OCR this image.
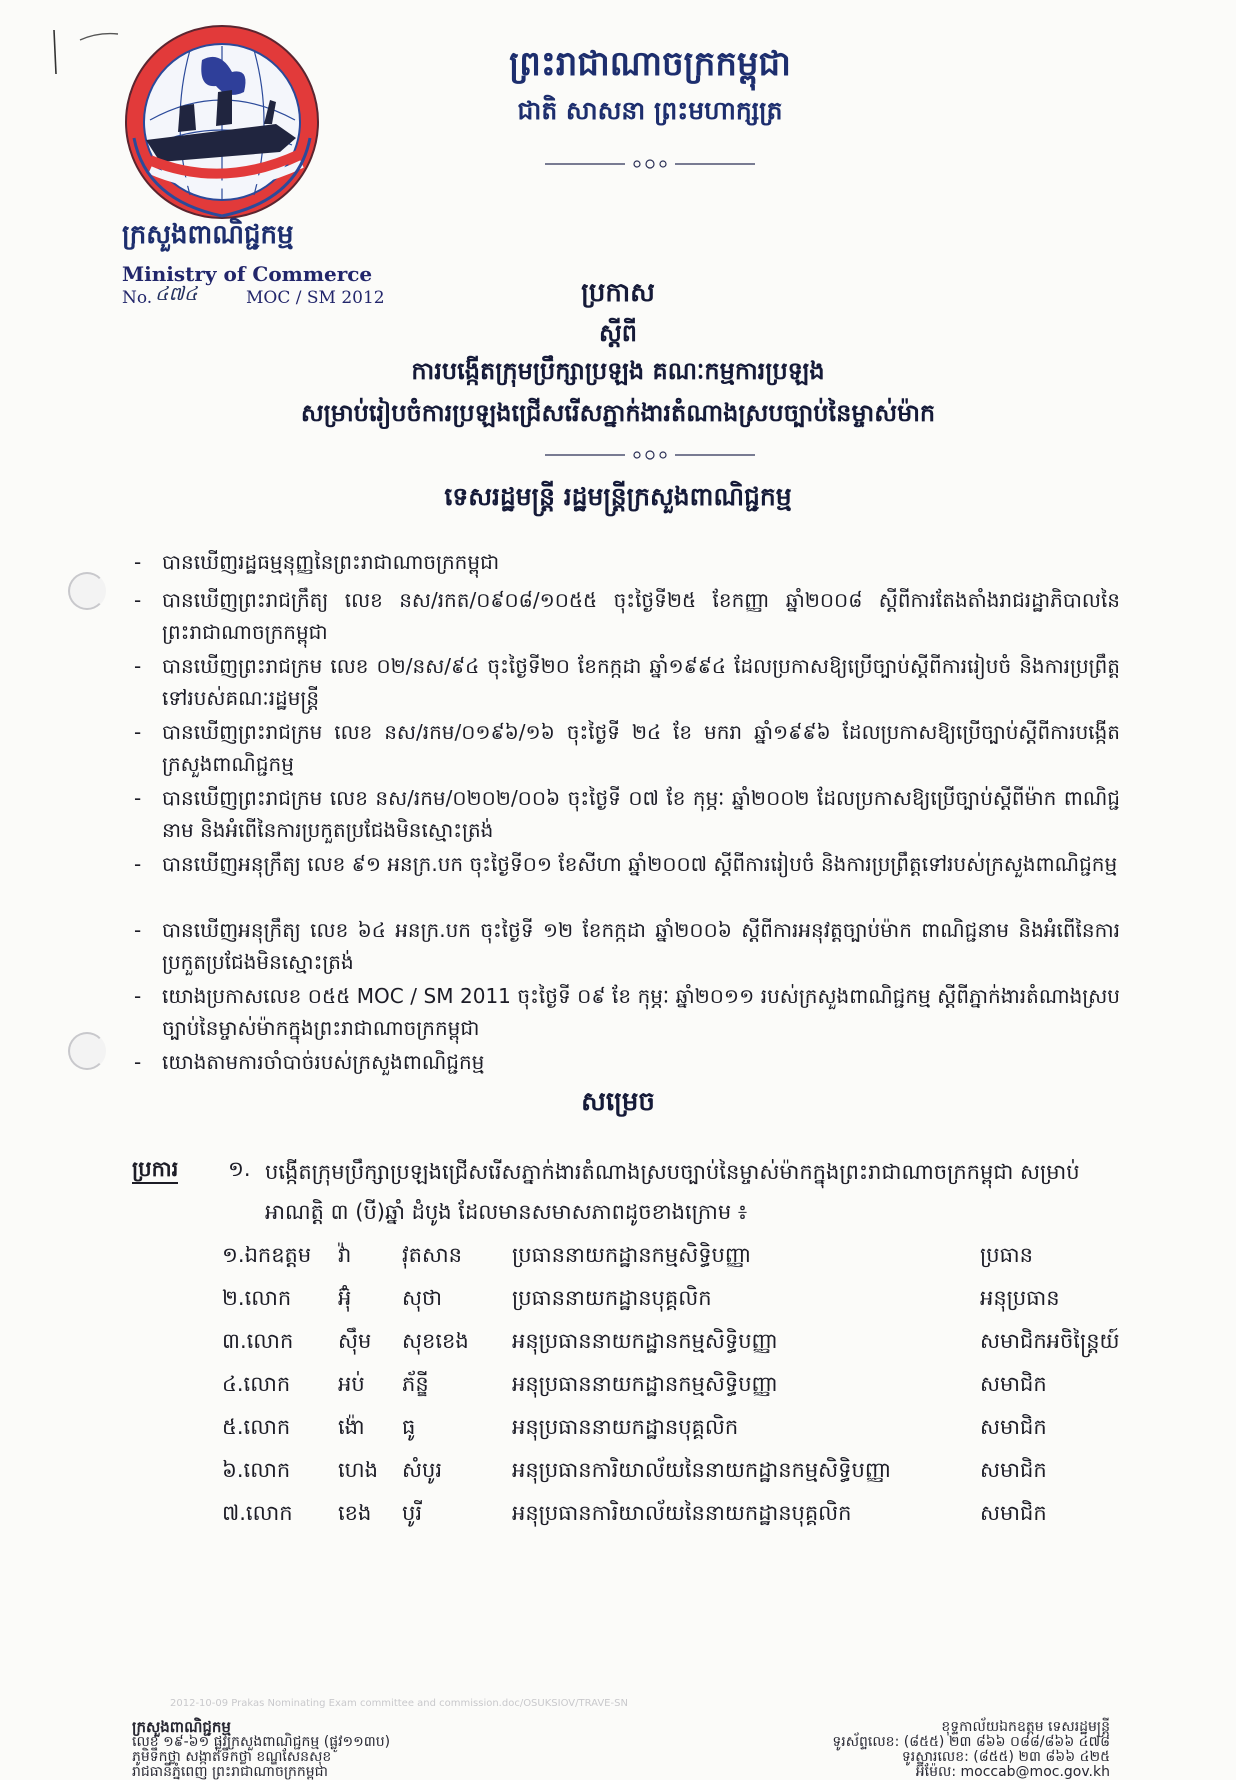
ព្រះរាជាណាចក្រកម្ពុជា
ជាតិ សាសនា ព្រះមហាក្សត្រ
ក្រសួងពាណិជ្ជកម្ម
Ministry of Commerce
No. ៤៧៤	MOC / SM 2012	ប្រកាស
ស្តីពី
ការបង្កើតក្រុមប្រឹក្សាប្រឡង គណៈកម្មការប្រឡង
សម្រាប់រៀបចំការប្រឡងជ្រើសរើសភ្នាក់ងារតំណាងស្របច្បាប់នៃម្ចាស់ម៉ាក
ទេសរដ្ឋមន្ត្រី រដ្ឋមន្ត្រីក្រសួងពាណិជ្ជកម្ម
- បានឃើញរដ្ឋធម្មនុញ្ញនៃព្រះរាជាណាចក្រកម្ពុជា
- បានឃើញព្រះរាជក្រឹត្យ លេខ នស/រកត/០៩០៨/១០៥៥ ចុះថ្ងៃទី២៥ ខែកញ្ញា ឆ្នាំ២០០៨ ស្តីពីការតែងតាំងរាជរដ្ឋាភិបាលនៃព្រះរាជាណាចក្រកម្ពុជា
- បានឃើញព្រះរាជក្រម លេខ ០២/នស/៩៤ ចុះថ្ងៃទី២០ ខែកក្កដា ឆ្នាំ១៩៩៤ ដែលប្រកាសឱ្យប្រើច្បាប់ស្តីពីការរៀបចំ និងការប្រព្រឹត្តទៅរបស់គណៈរដ្ឋមន្ត្រី
- បានឃើញព្រះរាជក្រម លេខ នស/រកម/០១៩៦/១៦ ចុះថ្ងៃទី ២៤ ខែ មករា ឆ្នាំ១៩៩៦ ដែលប្រកាសឱ្យប្រើច្បាប់ស្តីពីការបង្កើតក្រសួងពាណិជ្ជកម្ម
- បានឃើញព្រះរាជក្រម លេខ នស/រកម/០២០២/០០៦ ចុះថ្ងៃទី ០៧ ខែ កុម្ភៈ ឆ្នាំ២០០២ ដែលប្រកាសឱ្យប្រើច្បាប់ស្តីពីម៉ាក ពាណិជ្ជនាម និងអំពើនៃការប្រកួតប្រជែងមិនស្មោះត្រង់
- បានឃើញអនុក្រឹត្យ លេខ ៩១ អនក្រ.បក ចុះថ្ងៃទី០១ ខែសីហា ឆ្នាំ២០០៧ ស្តីពីការរៀបចំ និងការប្រព្រឹត្តទៅរបស់ក្រសួងពាណិជ្ជកម្ម
- បានឃើញអនុក្រឹត្យ លេខ ៦៤ អនក្រ.បក ចុះថ្ងៃទី ១២ ខែកក្កដា ឆ្នាំ២០០៦ ស្តីពីការអនុវត្តច្បាប់ម៉ាក ពាណិជ្ជនាម និងអំពើនៃការប្រកួតប្រជែងមិនស្មោះត្រង់
- យោងប្រកាសលេខ ០៥៥ MOC / SM 2011 ចុះថ្ងៃទី ០៩ ខែ កុម្ភៈ ឆ្នាំ២០១១ របស់ក្រសួងពាណិជ្ជកម្ម ស្តីពីភ្នាក់ងារតំណាងស្របច្បាប់នៃម្ចាស់ម៉ាកក្នុងព្រះរាជាណាចក្រកម្ពុជា
- យោងតាមការចាំបាច់របស់ក្រសួងពាណិជ្ជកម្ម
សម្រេច
ប្រការ ១. បង្កើតក្រុមប្រឹក្សាប្រឡងជ្រើសរើសភ្នាក់ងារតំណាងស្របច្បាប់នៃម្ចាស់ម៉ាកក្នុងព្រះរាជាណាចក្រកម្ពុជា សម្រាប់អាណត្តិ ៣ (បី)ឆ្នាំ ដំបូង ដែលមានសមាសភាពដូចខាងក្រោម ៖
១.ឯកឧត្តម	វ៉ា	វុតសាន	ប្រធាននាយកដ្ឋានកម្មសិទ្ធិបញ្ញា	ប្រធាន
២.លោក	អ៊ុំ	សុថា	ប្រធាននាយកដ្ឋានបុគ្គលិក	អនុប្រធាន
៣.លោក	ស៊ឹម	សុខខេង	អនុប្រធាននាយកដ្ឋានកម្មសិទ្ធិបញ្ញា	សមាជិកអចិន្ត្រៃយ៍
៤.លោក	អប់	ភ័ន្ឌី	អនុប្រធាននាយកដ្ឋានកម្មសិទ្ធិបញ្ញា	សមាជិក
៥.លោក	ង៉ោ	ធូ	អនុប្រធាននាយកដ្ឋានបុគ្គលិក	សមាជិក
៦.លោក	ហេង	សំបូរ	អនុប្រធានការិយាល័យនៃនាយកដ្ឋានកម្មសិទ្ធិបញ្ញា	សមាជិក
៧.លោក	ខេង	បូរី	អនុប្រធានការិយាល័យនៃនាយកដ្ឋានបុគ្គលិក	សមាជិក
2012-10-09 Prakas Nominating Exam committee and commission.doc/OSUKSIOV/TRAVE-SN
ក្រសួងពាណិជ្ជកម្ម
លេខ ១៩-៦១ ផ្លូវក្រសួងពាណិជ្ជកម្ម (ផ្លូវ១១៣ប)
ភូមិទឹកថ្លា សង្កាត់ទឹកថ្លា ខណ្ឌសែនសុខ
រាជធានីភ្នំពេញ ព្រះរាជាណាចក្រកម្ពុជា
ខុទ្ទកាល័យឯកឧត្តម ទេសរដ្ឋមន្ត្រី
ទូរស័ព្ទលេខ: (៨៥៥) ២៣ ៨៦៦ ០៨៨/៨៦៦ ៤៧៨
ទូរសារលេខ: (៨៥៥) ២៣ ៨៦៦ ៤២៥
អ៊ីម៉ែល: moccab@moc.gov.kh
